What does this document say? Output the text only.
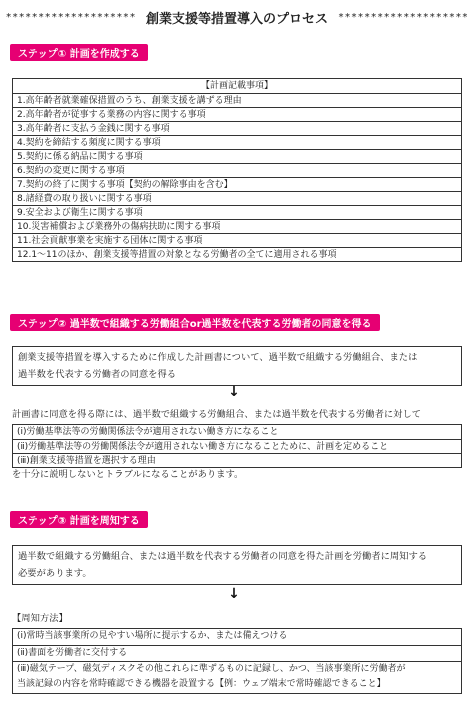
******************** 創業支援等措置導入のプロセス ********************
ステップ① 計画を作成する
【計画記載事項】
1.高年齢者就業確保措置のうち、創業支援を講ずる理由
2.高年齢者が従事する業務の内容に関する事項
3.高年齢者に支払う金銭に関する事項
4.契約を締結する頻度に関する事項
5.契約に係る納品に関する事項
6.契約の変更に関する事項
7.契約の終了に関する事項【契約の解除事由を含む】
8.諸経費の取り扱いに関する事項
9.安全および衛生に関する事項
10.災害補償および業務外の傷病扶助に関する事項
11.社会貢献事業を実施する団体に関する事項
12.1～11のほか、創業支援等措置の対象となる労働者の全てに適用される事項
ステップ② 過半数で組織する労働組合or過半数を代表する労働者の同意を得る
創業支援等措置を導入するために作成した計画書について、過半数で組織する労働組合、または
過半数を代表する労働者の同意を得る
↓
計画書に同意を得る際には、過半数で組織する労働組合、または過半数を代表する労働者に対して
(ⅰ)労働基準法等の労働関係法令が適用されない働き方になること
(ⅱ)労働基準法等の労働関係法令が適用されない働き方になることために、計画を定めること
(ⅲ)創業支援等措置を選択する理由
を十分に説明しないとトラブルになることがあります。
ステップ③ 計画を周知する
過半数で組織する労働組合、または過半数を代表する労働者の同意を得た計画を労働者に周知する
必要があります。
↓
【周知方法】
(ⅰ)常時当該事業所の見やすい場所に提示するか、または備えつける
(ⅱ)書面を労働者に交付する
(ⅲ)磁気テープ、磁気ディスクその他これらに準ずるものに記録し、かつ、当該事業所に労働者が
当該記録の内容を常時確認できる機器を設置する【例：ウェブ端末で常時確認できること】
